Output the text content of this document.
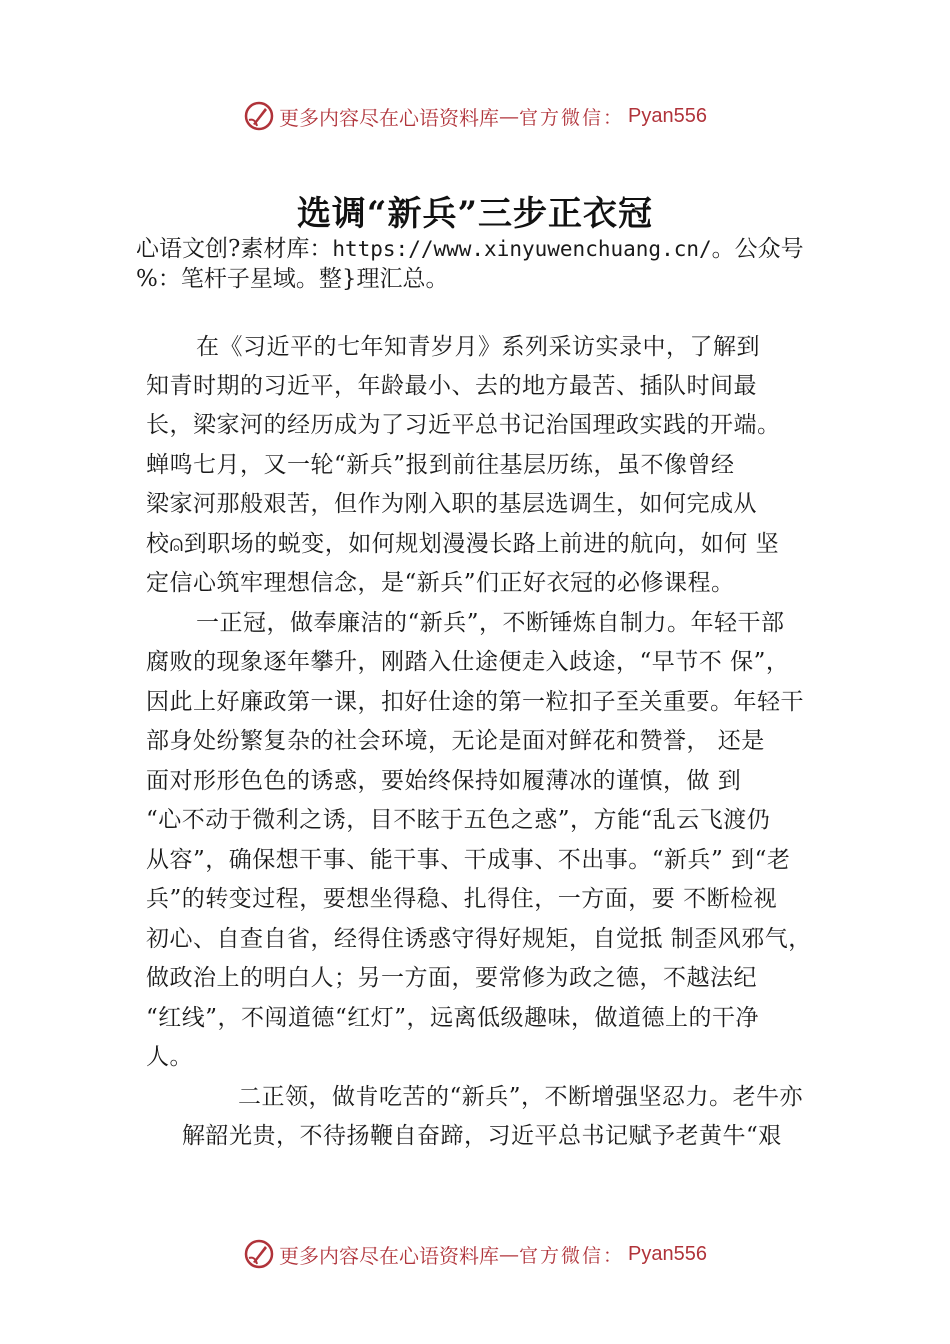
更多内容尽在心语资料库 — 官方微信： Pyan556
选调“新兵”三步正衣冠

心语文创?素材库：https://www.xinyuwenchuang.cn/。公众号
%：笔杆子星域。整}理汇总。

在《习近平的七年知青岁月》系列采访实录中，了解到
知青时期的习近平，年龄最小、去的地方最苦、插队时间最
长，梁家河的经历成为了习近平总书记治国理政实践的开端。
蝉鸣七月，又一轮“新兵”报到前往基层历练，虽不像曾经
梁家河那般艰苦，但作为刚入职的基层选调生，如何完成从
校⍝到职场的蜕变，如何规划漫漫长路上前进的航向，如何 坚
定信心筑牢理想信念，是“新兵”们正好衣冠的必修课程。
一正冠，做奉廉洁的“新兵”，不断锤炼自制力。年轻干部
腐败的现象逐年攀升，刚踏入仕途便走入歧途，“早节不 保”，
因此上好廉政第一课，扣好仕途的第一粒扣子至关重要。年轻干
部身处纷繁复杂的社会环境，无论是面对鲜花和赞誉， 还是
面对形形色色的诱惑，要始终保持如履薄冰的谨慎，做 到
“心不动于微利之诱，目不眩于五色之惑”，方能“乱云飞渡仍
从容”，确保想干事、能干事、干成事、不出事。“新兵” 到“老
兵”的转变过程，要想坐得稳、扎得住，一方面，要 不断检视
初心、自查自省，经得住诱惑守得好规矩，自觉抵 制歪风邪气，
做政治上的明白人；另一方面，要常修为政之德，不越法纪
“红线”，不闯道德“红灯”，远离低级趣味，做道德上的干净
人。
二正领，做肯吃苦的“新兵”，不断增强坚忍力。老牛亦
解韶光贵，不待扬鞭自奋蹄，习近平总书记赋予老黄牛“艰
更多内容尽在心语资料库 — 官方微信： Pyan556
